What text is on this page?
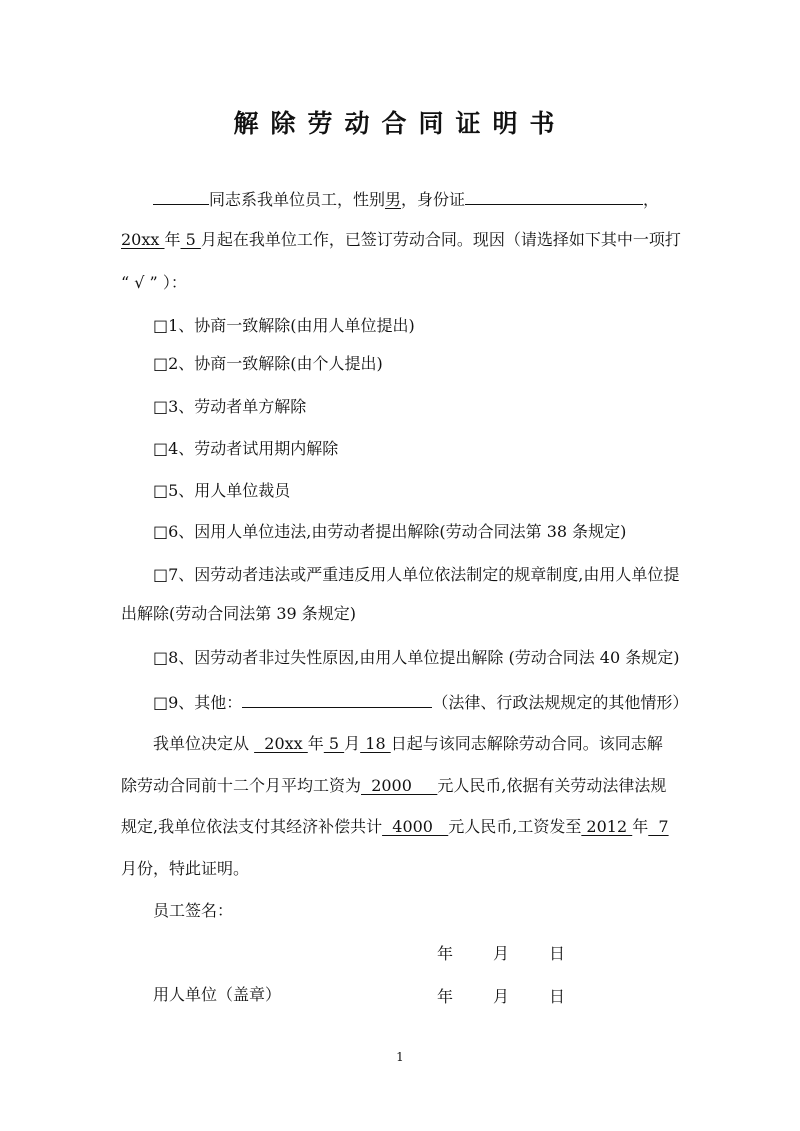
解除劳动合同证明书
同志系我单位员工，性别男，身份证	，
20xx 年 5 月起在我单位工作，已签订劳动合同。现因（请选择如下其中一项打
“ √ ” ）：
□1、协商一致解除(由用人单位提出)
□2、协商一致解除(由个人提出)
□3、劳动者单方解除
□4、劳动者试用期内解除
□5、用人单位裁员
□6、因用人单位违法,由劳动者提出解除(劳动合同法第 38 条规定)
□7、因劳动者违法或严重违反用人单位依法制定的规章制度,由用人单位提
出解除(劳动合同法第 39 条规定)
□8、因劳动者非过失性原因,由用人单位提出解除 (劳动合同法 40 条规定)
□9、其他：	（法律、行政法规规定的其他情形）
我单位决定从   20xx 年 5 月 18 日起与该同志解除劳动合同。该同志解
除劳动合同前十二个月平均工资为  2000     元人民币,依据有关劳动法律法规
规定,我单位依法支付其经济补偿共计  4000   元人民币,工资发至 2012 年  7
月份，特此证明。
员工签名：
年 月 日
用人单位（盖章）	年 月 日
1
